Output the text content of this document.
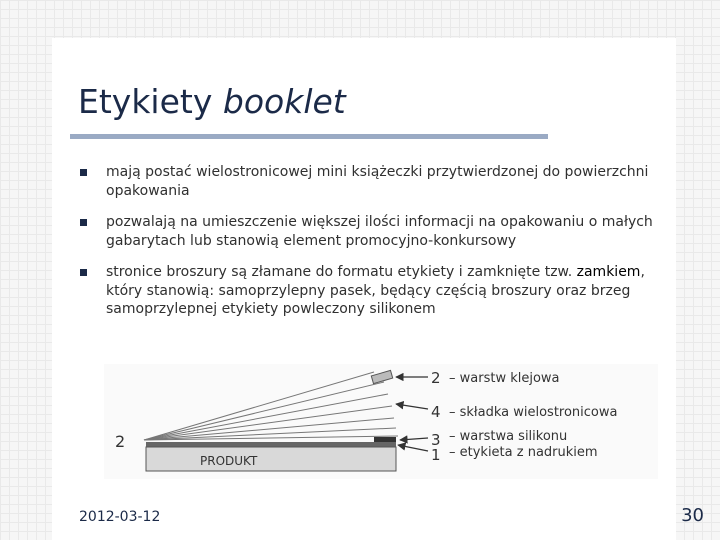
Etykiety booklet
mają postać wielostronicowej mini książeczki przytwierdzonej do powierzchni opakowania
pozwalają na umieszczenie większej ilości informacji na opakowaniu o małych gabarytach lub stanowią element promocyjno-konkursowy
stronice broszury są złamane do formatu etykiety i zamknięte tzw. zamkiem, który stanowią: samoprzylepny pasek, będący częścią broszury oraz brzeg samoprzylepnej etykiety powleczony silikonem
2
PRODUKT
2 – warstw klejowa
4 – składka wielostronicowa
3 – warstwa silikonu
1 – etykieta z nadrukiem
2012-03-12	30
